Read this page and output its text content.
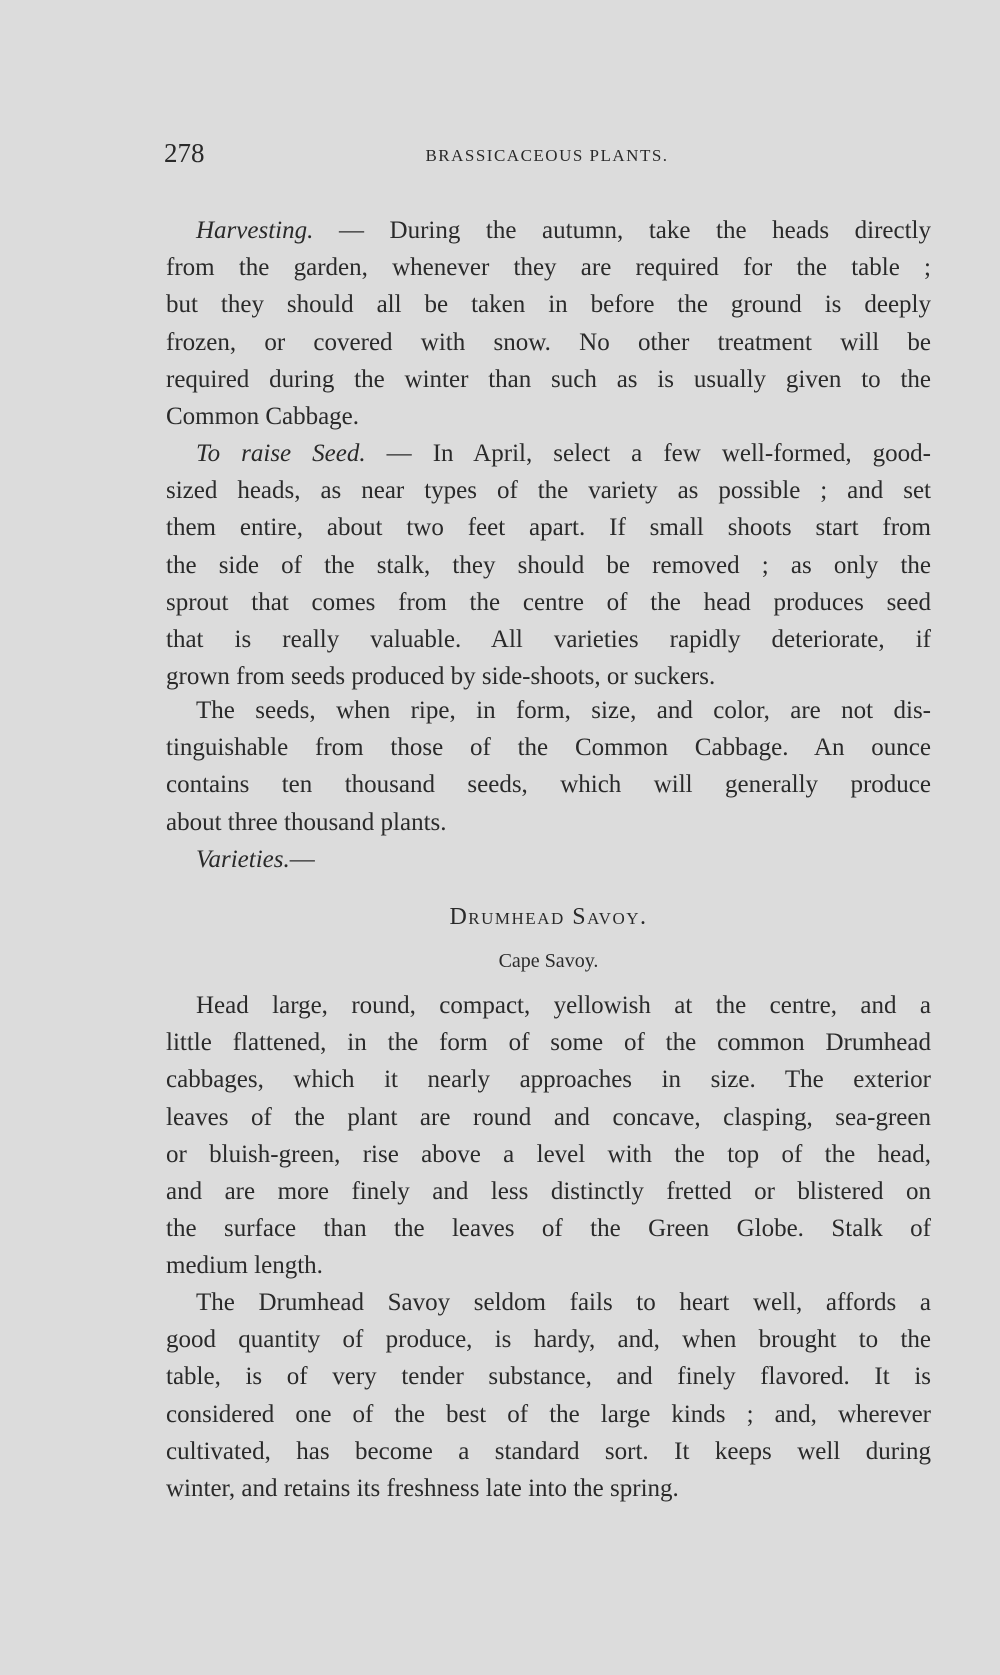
278	BRASSICACEOUS PLANTS.
Harvesting. — During the autumn, take the heads directly
from the garden, whenever they are required for the table ;
but they should all be taken in before the ground is deeply
frozen, or covered with snow. No other treatment will be
required during the winter than such as is usually given to the
Common Cabbage.
To raise Seed. — In April, select a few well-formed, good-
sized heads, as near types of the variety as possible ; and set
them entire, about two feet apart. If small shoots start from
the side of the stalk, they should be removed ; as only the
sprout that comes from the centre of the head produces seed
that is really valuable. All varieties rapidly deteriorate, if
grown from seeds produced by side-shoots, or suckers.
The seeds, when ripe, in form, size, and color, are not dis-
tinguishable from those of the Common Cabbage. An ounce
contains ten thousand seeds, which will generally produce
about three thousand plants.
Varieties.—
Drumhead Savoy.
Cape Savoy.
Head large, round, compact, yellowish at the centre, and a
little flattened, in the form of some of the common Drumhead
cabbages, which it nearly approaches in size. The exterior
leaves of the plant are round and concave, clasping, sea-green
or bluish-green, rise above a level with the top of the head,
and are more finely and less distinctly fretted or blistered on
the surface than the leaves of the Green Globe. Stalk of
medium length.
The Drumhead Savoy seldom fails to heart well, affords a
good quantity of produce, is hardy, and, when brought to the
table, is of very tender substance, and finely flavored. It is
considered one of the best of the large kinds ; and, wherever
cultivated, has become a standard sort. It keeps well during
winter, and retains its freshness late into the spring.
